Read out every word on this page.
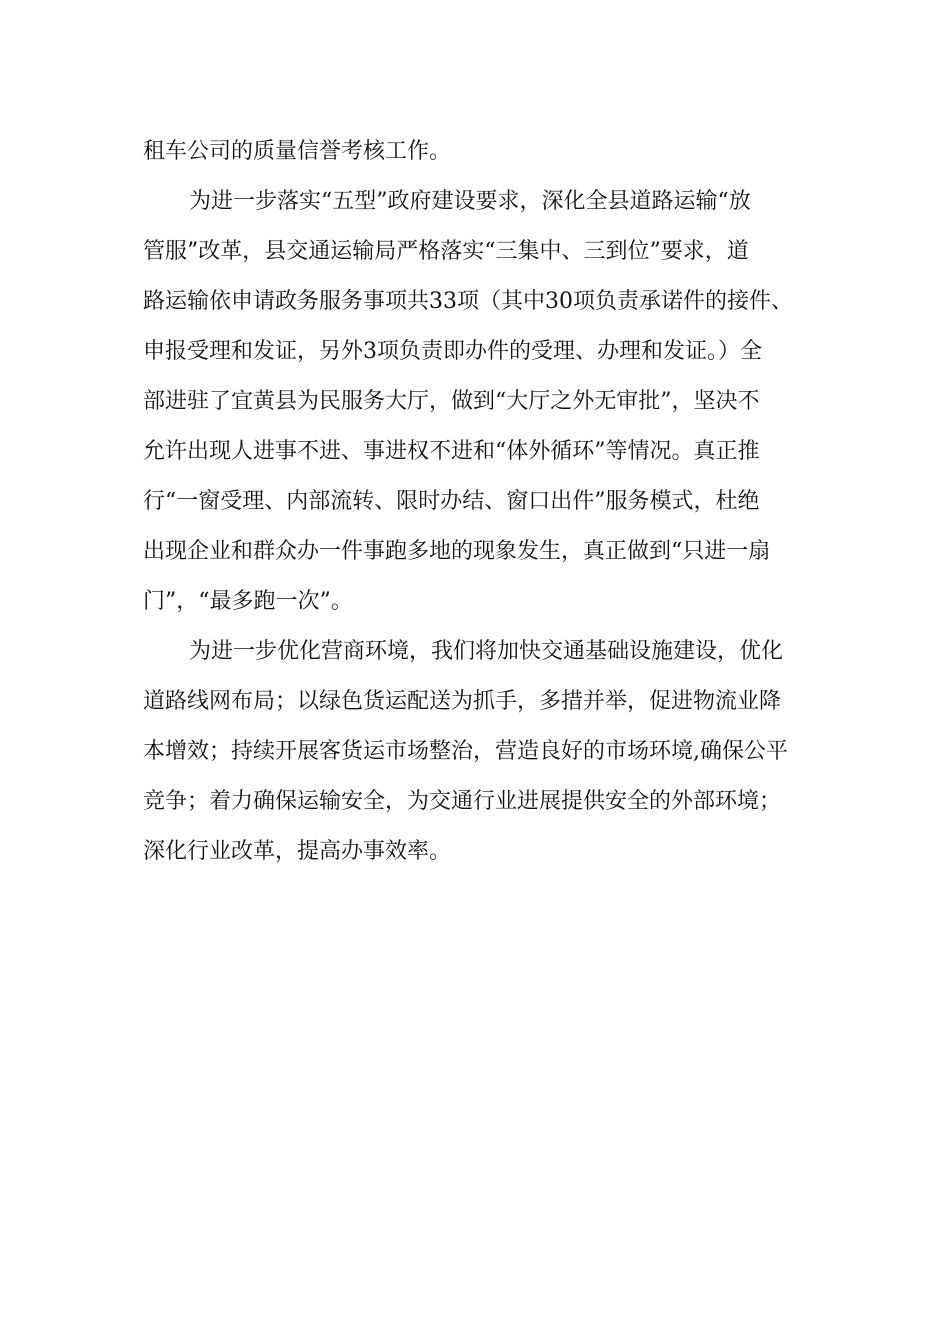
租车公司的质量信誉考核工作。
为进一步落实“五型”政府建设要求，深化全县道路运输“放
管服”改革，县交通运输局严格落实“三集中、三到位”要求，道
路运输依申请政务服务事项共33项（其中30项负责承诺件的接件、
申报受理和发证，另外3项负责即办件的受理、办理和发证。）全
部进驻了宜黄县为民服务大厅，做到“大厅之外无审批”，坚决不
允许出现人进事不进、事进权不进和“体外循环”等情况。真正推
行“一窗受理、内部流转、限时办结、窗口出件”服务模式，杜绝
出现企业和群众办一件事跑多地的现象发生，真正做到“只进一扇
门”，“最多跑一次”。
为进一步优化营商环境，我们将加快交通基础设施建设，优化
道路线网布局；以绿色货运配送为抓手，多措并举，促进物流业降
本增效；持续开展客货运市场整治，营造良好的市场环境,确保公平
竞争；着力确保运输安全，为交通行业进展提供安全的外部环境；
深化行业改革，提高办事效率。
